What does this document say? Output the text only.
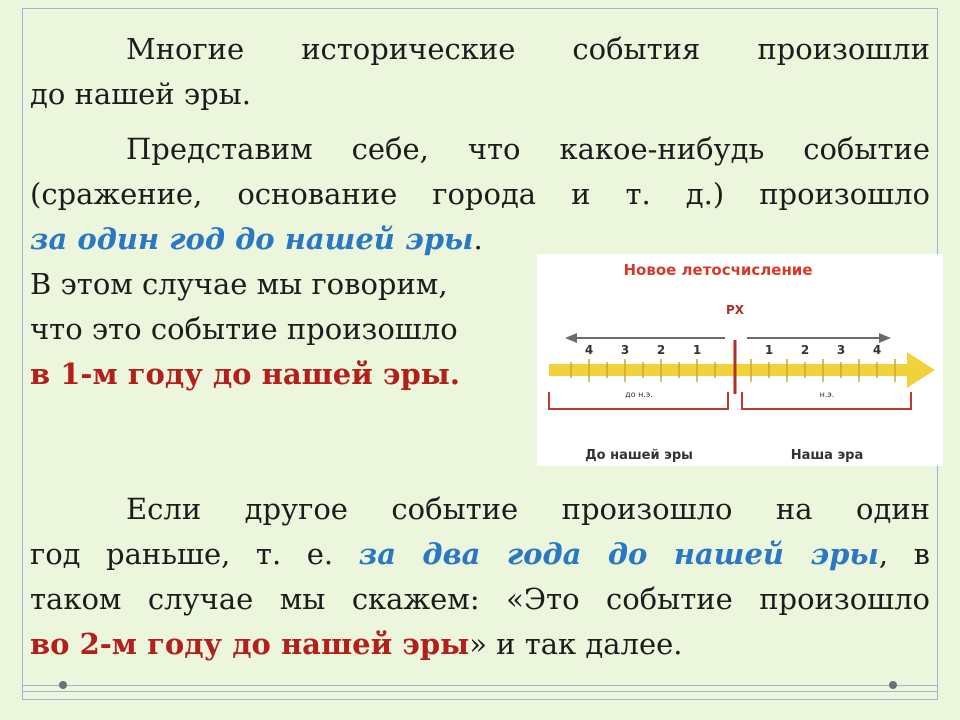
Многие исторические события произошли
до нашей эры.
Представим себе, что какое-нибудь событие
(сражение, основание города и т. д.) произошло
за один год до нашей эры.
В этом случае мы говорим,
что это событие произошло
в 1-м году до нашей эры.
Новое летосчисление
РХ
4 3 2 1	1 2 3 4
до н.э.	н.э.
До нашей эры	Наша эра
Если другое событие произошло на один
год раньше, т. е. за два года до нашей эры, в
таком случае мы скажем: «Это событие произошло
во 2-м году до нашей эры» и так далее.
